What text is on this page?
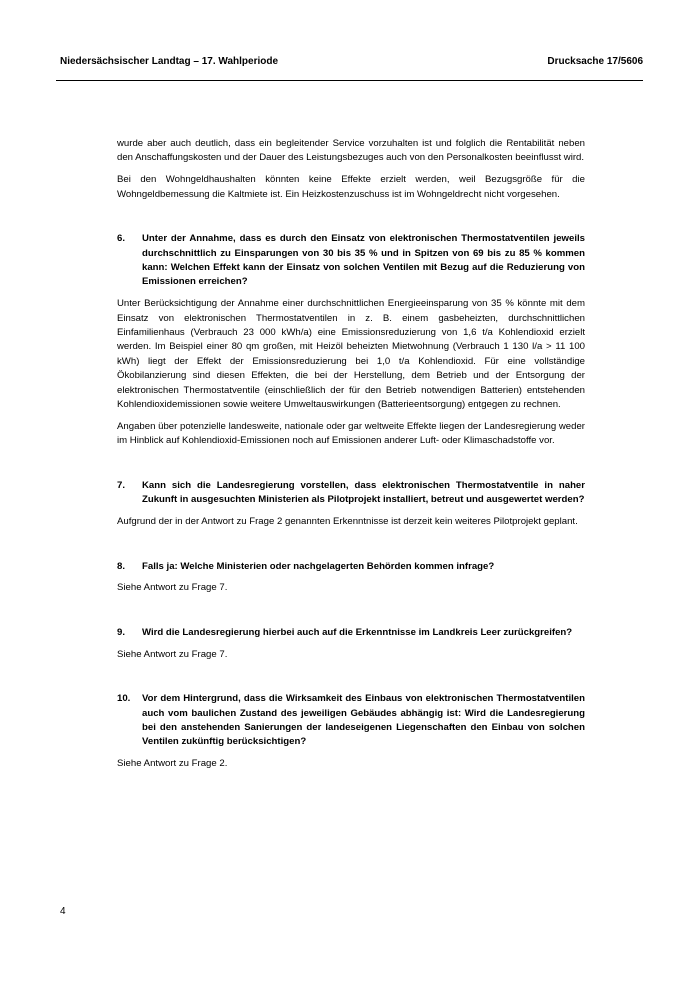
Niedersächsischer Landtag – 17. Wahlperiode	Drucksache 17/5606

wurde aber auch deutlich, dass ein begleitender Service vorzuhalten ist und folglich die Rentabilität neben den Anschaffungskosten und der Dauer des Leistungsbezuges auch von den Personalkosten beeinflusst wird.

Bei den Wohngeldhaushalten könnten keine Effekte erzielt werden, weil Bezugsgröße für die Wohngeldbemessung die Kaltmiete ist. Ein Heizkostenzuschuss ist im Wohngeldrecht nicht vorgesehen.

6. Unter der Annahme, dass es durch den Einsatz von elektronischen Thermostatventilen jeweils durchschnittlich zu Einsparungen von 30 bis 35 % und in Spitzen von 69 bis zu 85 % kommen kann: Welchen Effekt kann der Einsatz von solchen Ventilen mit Bezug auf die Reduzierung von Emissionen erreichen?

Unter Berücksichtigung der Annahme einer durchschnittlichen Energieeinsparung von 35 % könnte mit dem Einsatz von elektronischen Thermostatventilen in z. B. einem gasbeheizten, durchschnittlichen Einfamilienhaus (Verbrauch 23 000 kWh/a) eine Emissionsreduzierung von 1,6 t/a Kohlendioxid erzielt werden. Im Beispiel einer 80 qm großen, mit Heizöl beheizten Mietwohnung (Verbrauch 1 130 l/a > 11 100 kWh) liegt der Effekt der Emissionsreduzierung bei 1,0 t/a Kohlendioxid. Für eine vollständige Ökobilanzierung sind diesen Effekten, die bei der Herstellung, dem Betrieb und der Entsorgung der elektronischen Thermostatventile (einschließlich der für den Betrieb notwendigen Batterien) entstehenden Kohlendioxidemissionen sowie weitere Umweltauswirkungen (Batterieentsorgung) entgegen zu rechnen.

Angaben über potenzielle landesweite, nationale oder gar weltweite Effekte liegen der Landesregierung weder im Hinblick auf Kohlendioxid-Emissionen noch auf Emissionen anderer Luft- oder Klimaschadstoffe vor.

7. Kann sich die Landesregierung vorstellen, dass elektronischen Thermostatventile in naher Zukunft in ausgesuchten Ministerien als Pilotprojekt installiert, betreut und ausgewertet werden?

Aufgrund der in der Antwort zu Frage 2 genannten Erkenntnisse ist derzeit kein weiteres Pilotprojekt geplant.

8. Falls ja: Welche Ministerien oder nachgelagerten Behörden kommen infrage?

Siehe Antwort zu Frage 7.

9. Wird die Landesregierung hierbei auch auf die Erkenntnisse im Landkreis Leer zurückgreifen?

Siehe Antwort zu Frage 7.

10. Vor dem Hintergrund, dass die Wirksamkeit des Einbaus von elektronischen Thermostatventilen auch vom baulichen Zustand des jeweiligen Gebäudes abhängig ist: Wird die Landesregierung bei den anstehenden Sanierungen der landeseigenen Liegenschaften den Einbau von solchen Ventilen zukünftig berücksichtigen?

Siehe Antwort zu Frage 2.

4
